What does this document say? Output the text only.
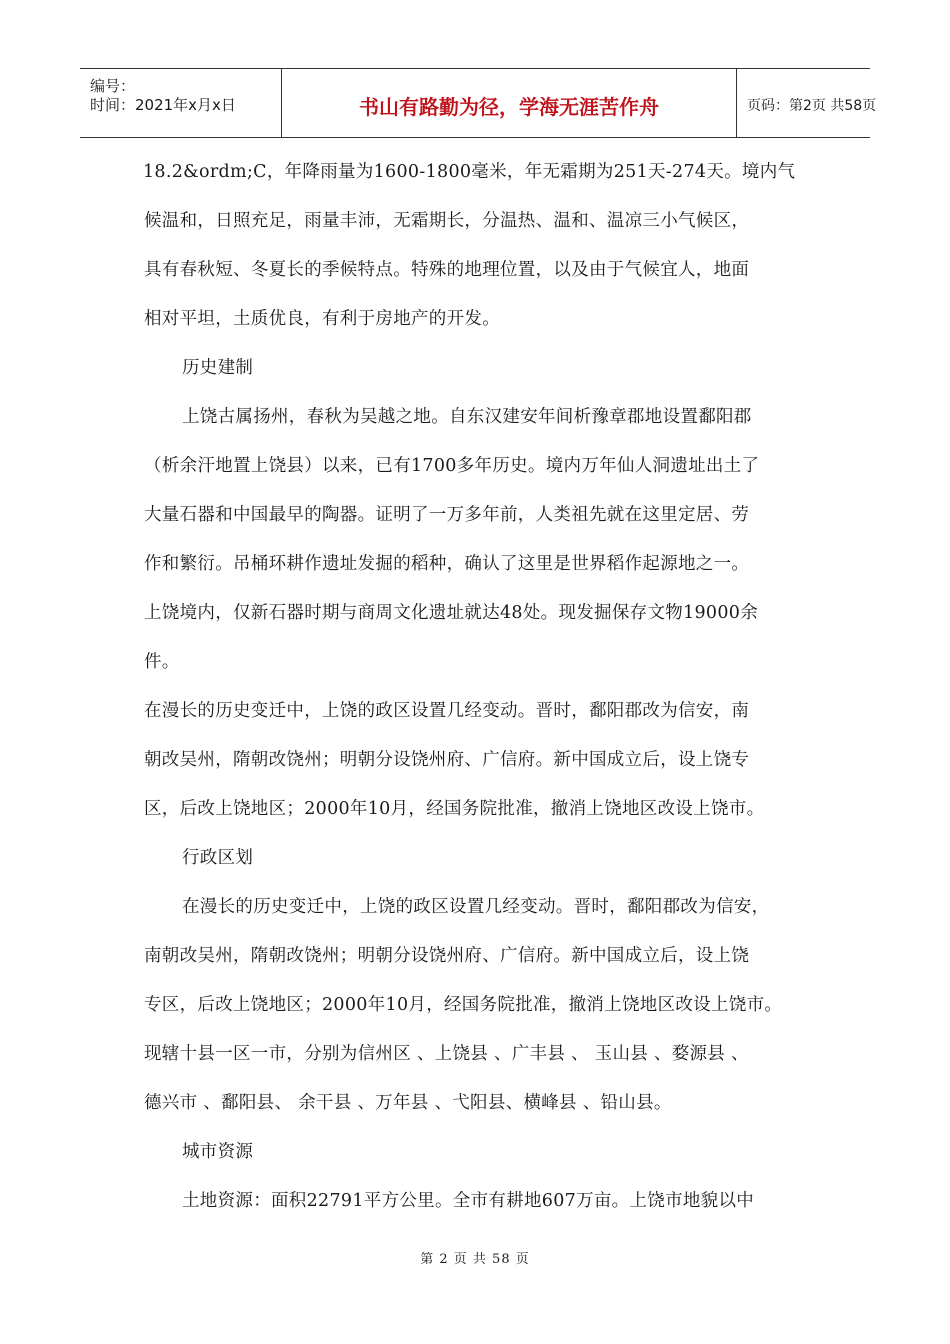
编号：
时间：2021年x月x日	书山有路勤为径，学海无涯苦作舟	页码：第2页 共58页
18.2&ordm;C，年降雨量为1600-1800毫米，年无霜期为251天-274天。境内气
候温和，日照充足，雨量丰沛，无霜期长，分温热、温和、温凉三小气候区，
具有春秋短、冬夏长的季候特点。特殊的地理位置，以及由于气候宜人，地面
相对平坦，土质优良，有利于房地产的开发。
历史建制
上饶古属扬州，春秋为吴越之地。自东汉建安年间析豫章郡地设置鄱阳郡
（析余汗地置上饶县）以来，已有1700多年历史。境内万年仙人洞遗址出土了
大量石器和中国最早的陶器。证明了一万多年前，人类祖先就在这里定居、劳
作和繁衍。吊桶环耕作遗址发掘的稻种，确认了这里是世界稻作起源地之一。
上饶境内，仅新石器时期与商周文化遗址就达48处。现发掘保存文物19000余
件。
在漫长的历史变迁中，上饶的政区设置几经变动。晋时，鄱阳郡改为信安，南
朝改吴州，隋朝改饶州；明朝分设饶州府、广信府。新中国成立后，设上饶专
区，后改上饶地区；2000年10月，经国务院批准，撤消上饶地区改设上饶市。
行政区划
在漫长的历史变迁中，上饶的政区设置几经变动。晋时，鄱阳郡改为信安，
南朝改吴州，隋朝改饶州；明朝分设饶州府、广信府。新中国成立后，设上饶
专区，后改上饶地区；2000年10月，经国务院批准，撤消上饶地区改设上饶市。
现辖十县一区一市，分别为信州区 、上饶县 、广丰县 、 玉山县 、婺源县 、
德兴市 、鄱阳县、 余干县 、万年县 、弋阳县、横峰县 、铅山县。
城市资源
土地资源：面积22791平方公里。全市有耕地607万亩。上饶市地貌以中
第 2 页 共 58 页
